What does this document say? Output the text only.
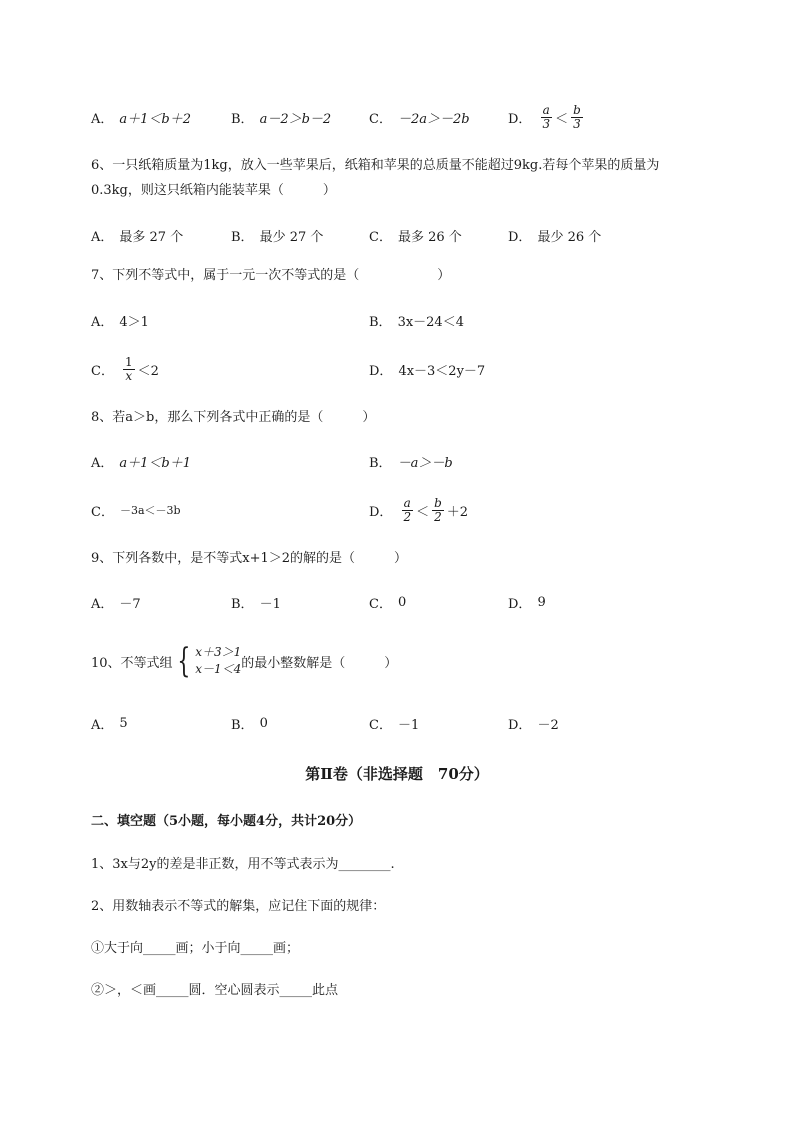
A． a＋1＜b＋2	B． a－2＞b－2	C． －2a＞－2b	D． $\frac{a}{3} < \frac{b}{3}$
6、一只纸箱质量为1kg，放入一些苹果后，纸箱和苹果的总质量不能超过9kg.若每个苹果的质量为
0.3kg，则这只纸箱内能装苹果（　　　）
A． 最多 27 个	B． 最少 27 个	C． 最多 26 个	D． 最少 26 个
7、下列不等式中，属于一元一次不等式的是（　　　　　　）
A． 4＞1	B． 3x－24＜4
C． $\frac{1}{x} <2$	D． 4x－3＜2y－7
8、若a＞b，那么下列各式中正确的是（　　　）
A． a＋1＜b＋1	B． －a＞－b
C． －3a＜－3b	D． $\frac{a}{2} < \frac{b}{2} +2$
9、下列各数中，是不等式x+1＞2的解的是（　　　）
A． －7	B． －1	C． 0	D． 9
10、不等式组 { x＋3＞1
x－1＜4 的最小整数解是（　　　）
A． 5	B． 0	C． －1	D． －2
第Ⅱ卷（非选择题　70分）
二、填空题（5小题，每小题4分，共计20分）
1、3x与2y的差是非正数，用不等式表示为________.
2、用数轴表示不等式的解集，应记住下面的规律：
①大于向_____画；小于向_____画；
②＞，＜画_____圆．空心圆表示_____此点
